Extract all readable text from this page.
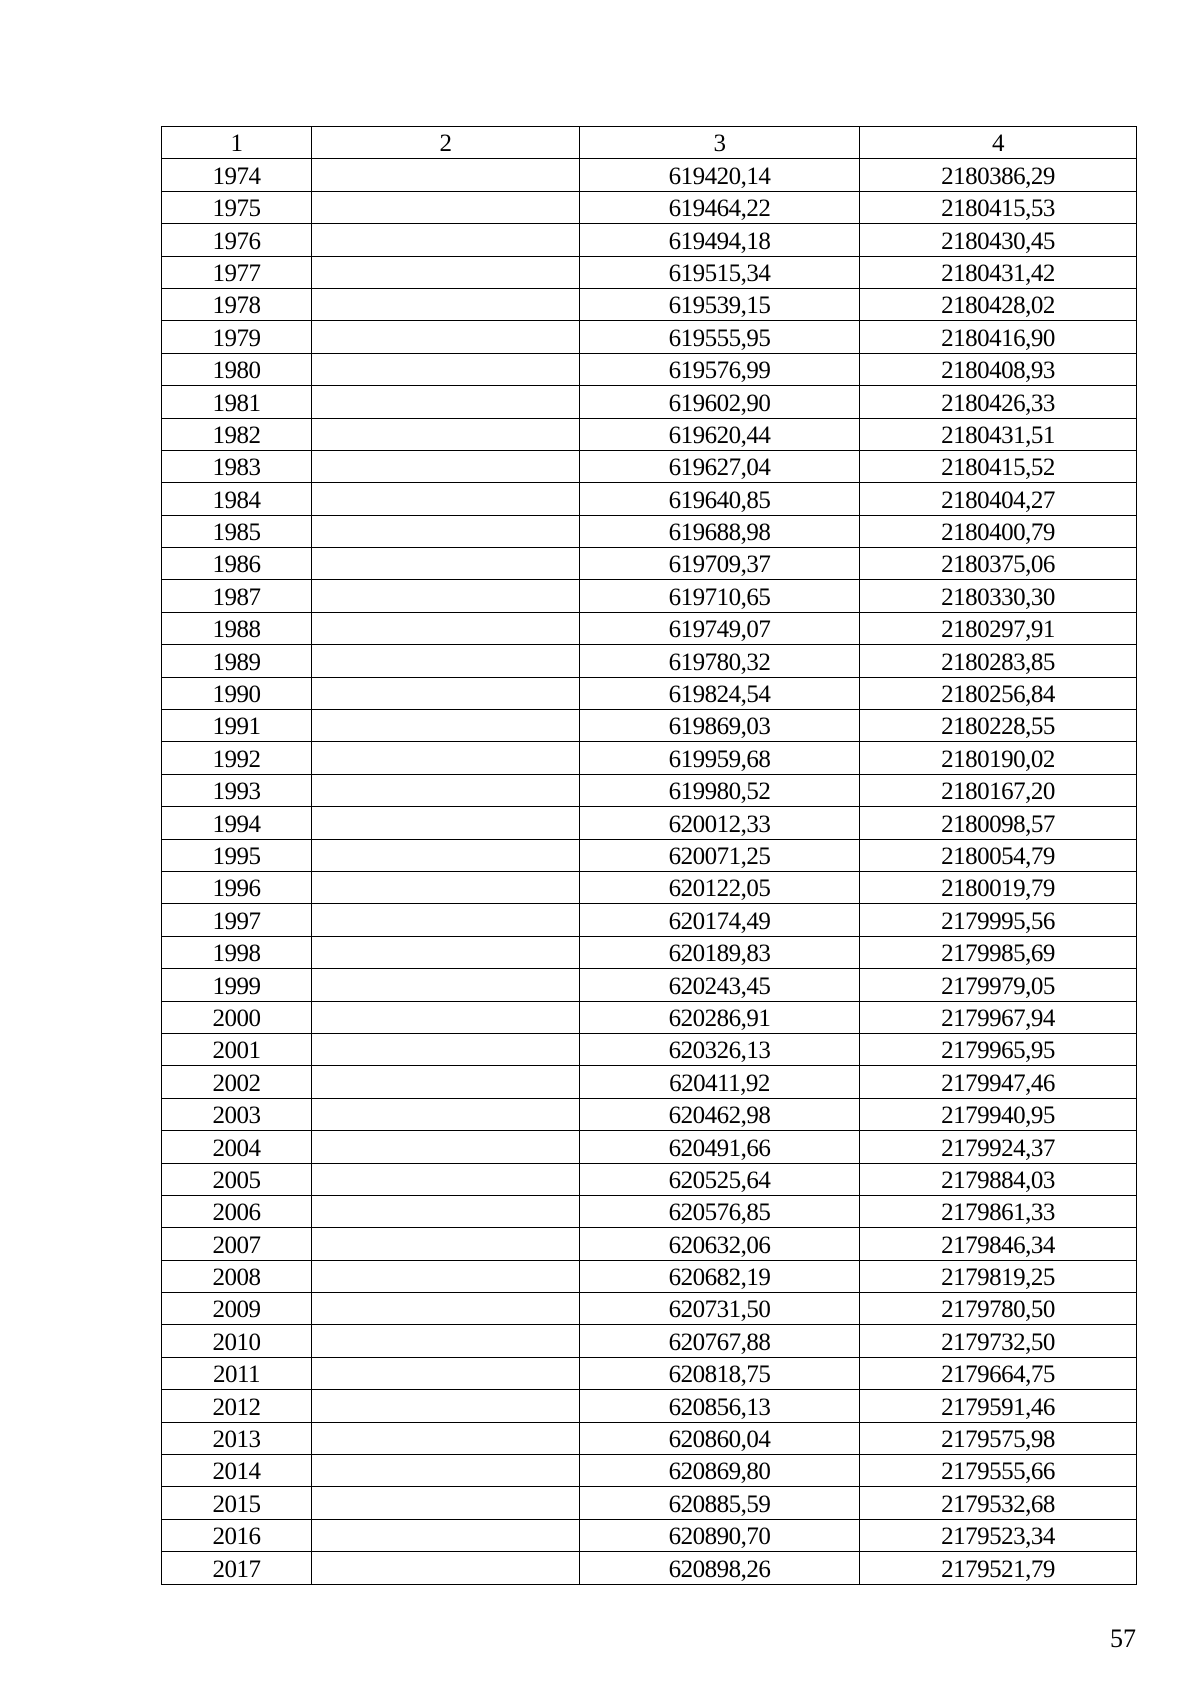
1	2	3	4
1974		619420,14	2180386,29
1975		619464,22	2180415,53
1976		619494,18	2180430,45
1977		619515,34	2180431,42
1978		619539,15	2180428,02
1979		619555,95	2180416,90
1980		619576,99	2180408,93
1981		619602,90	2180426,33
1982		619620,44	2180431,51
1983		619627,04	2180415,52
1984		619640,85	2180404,27
1985		619688,98	2180400,79
1986		619709,37	2180375,06
1987		619710,65	2180330,30
1988		619749,07	2180297,91
1989		619780,32	2180283,85
1990		619824,54	2180256,84
1991		619869,03	2180228,55
1992		619959,68	2180190,02
1993		619980,52	2180167,20
1994		620012,33	2180098,57
1995		620071,25	2180054,79
1996		620122,05	2180019,79
1997		620174,49	2179995,56
1998		620189,83	2179985,69
1999		620243,45	2179979,05
2000		620286,91	2179967,94
2001		620326,13	2179965,95
2002		620411,92	2179947,46
2003		620462,98	2179940,95
2004		620491,66	2179924,37
2005		620525,64	2179884,03
2006		620576,85	2179861,33
2007		620632,06	2179846,34
2008		620682,19	2179819,25
2009		620731,50	2179780,50
2010		620767,88	2179732,50
2011		620818,75	2179664,75
2012		620856,13	2179591,46
2013		620860,04	2179575,98
2014		620869,80	2179555,66
2015		620885,59	2179532,68
2016		620890,70	2179523,34
2017		620898,26	2179521,79
57
